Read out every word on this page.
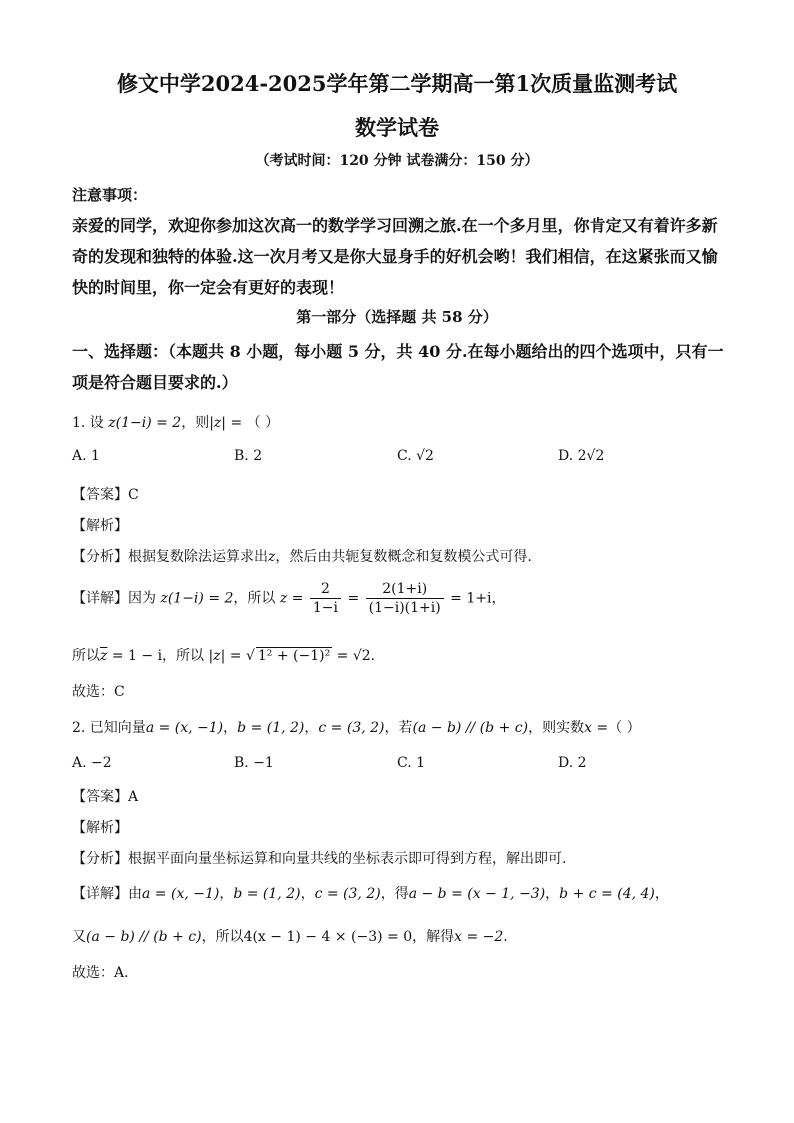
修文中学2024-2025学年第二学期高一第1次质量监测考试
数学试卷
（考试时间：120 分钟 试卷满分：150 分）
注意事项：
亲爱的同学，欢迎你参加这次高一的数学学习回溯之旅.在一个多月里，你肯定又有着许多新
奇的发现和独特的体验.这一次月考又是你大显身手的好机会哟！我们相信，在这紧张而又愉
快的时间里，你一定会有更好的表现！
第一部分（选择题 共 58 分）
一、选择题：（本题共 8 小题，每小题 5 分，共 40 分.在每小题给出的四个选项中，只有一
项是符合题目要求的.）
1. 设 z(1−i) = 2，则|z| = （ ）
A. 1	B. 2	C. √2	D. 2√2
【答案】C
【解析】
【分析】根据复数除法运算求出z，然后由共轭复数概念和复数模公式可得.
【详解】因为 z(1−i) = 2，所以 $z = \frac{2}{1-i} = \frac{2(1+i)}{(1-i)(1+i)} = 1+i$，
所以$\overline{z} = 1 - i$，所以 |z| = √ 1² + (−1)² = √2.
故选：C
2. 已知向量a = (x, −1)，b = (1, 2)，c = (3, 2)，若(a − b) // (b + c)，则实数x =（ ）
A. −2	B. −1	C. 1	D. 2
【答案】A
【解析】
【分析】根据平面向量坐标运算和向量共线的坐标表示即可得到方程，解出即可.
【详解】由a = (x, −1)，b = (1, 2)，c = (3, 2)，得a − b = (x − 1, −3)，b + c = (4, 4)，
又(a − b) // (b + c)，所以4(x − 1) − 4 × (−3) = 0，解得x = −2.
故选：A.
